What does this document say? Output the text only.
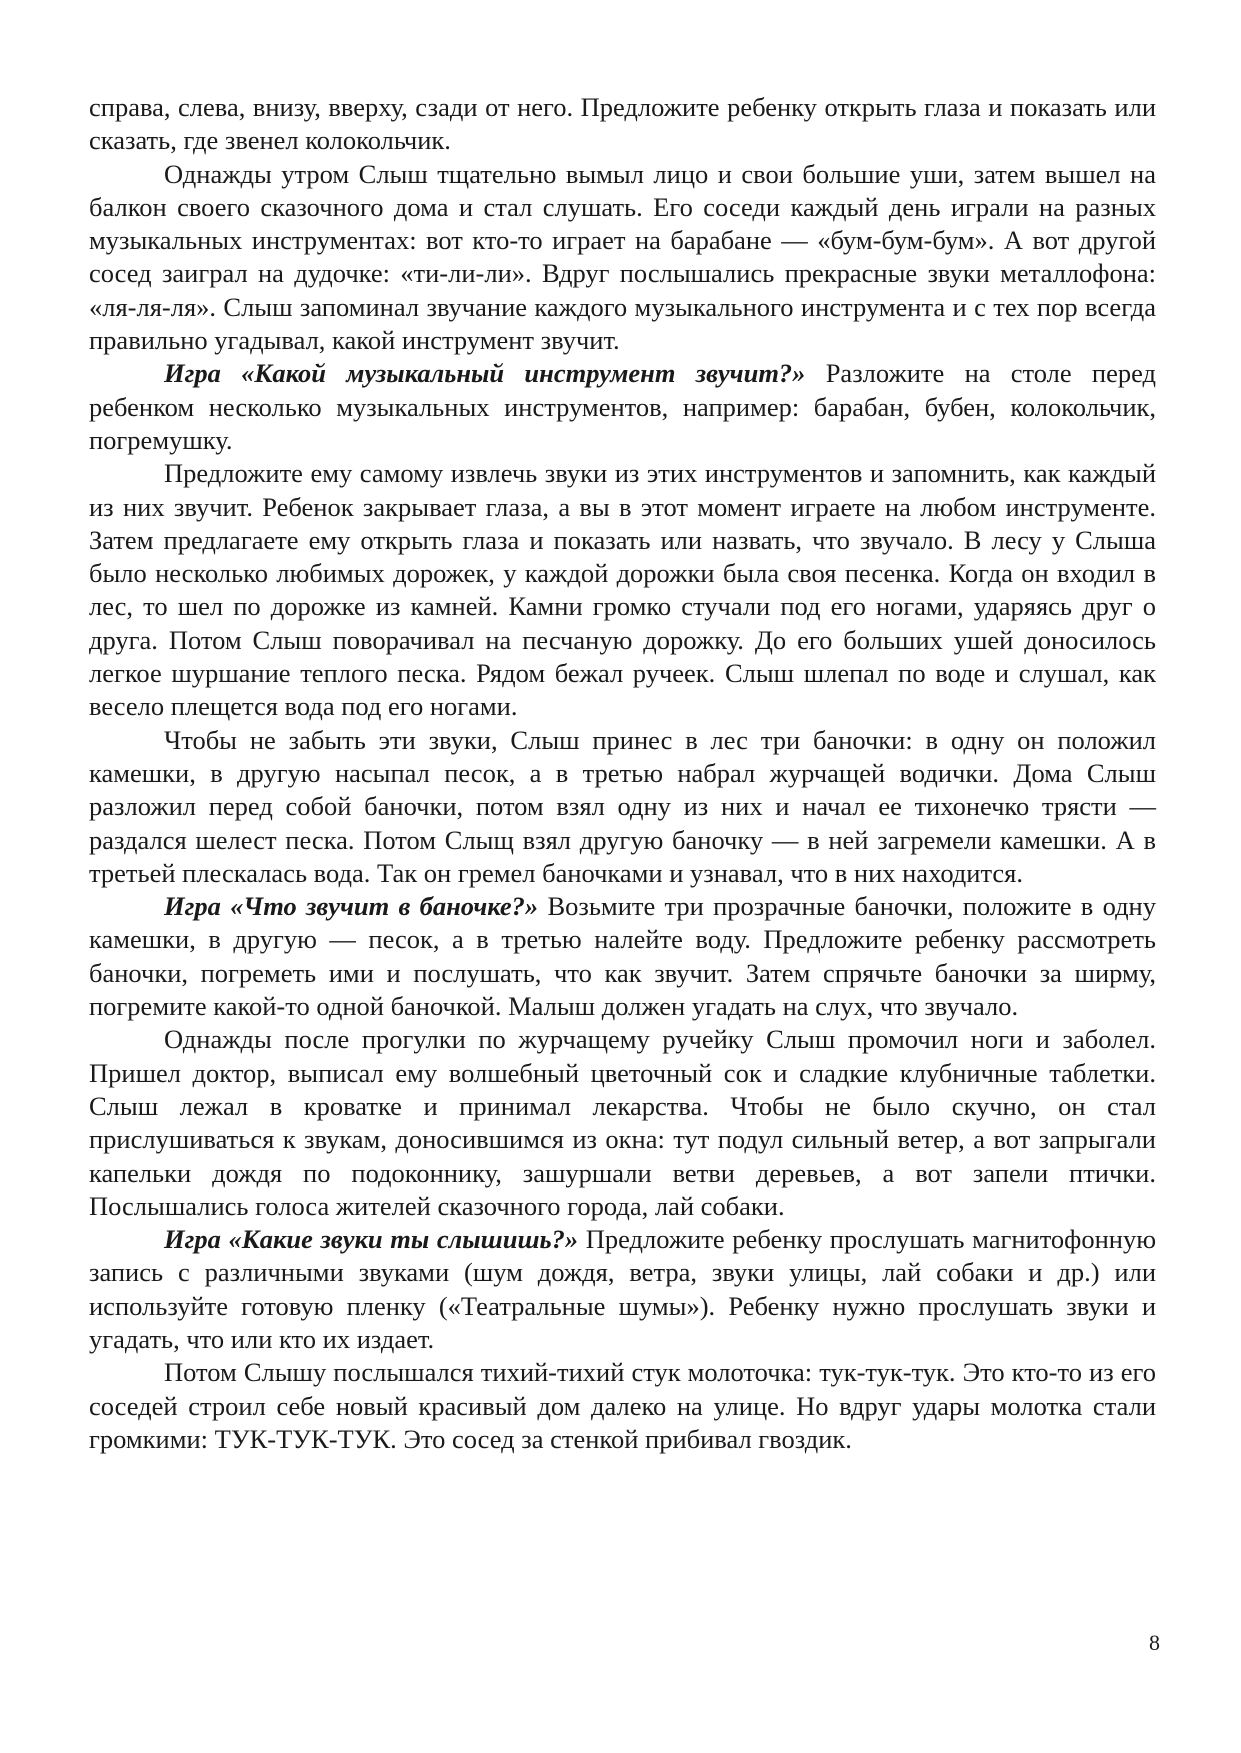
справа, слева, внизу, вверху, сзади от него. Предложите ребенку открыть глаза и показать или сказать, где звенел колокольчик.

Однажды утром Слыш тщательно вымыл лицо и свои большие уши, затем вышел на балкон своего сказочного дома и стал слушать. Его соседи каждый день играли на разных музыкальных инструментах: вот кто-то играет на барабане — «бум-бум-бум». А вот другой сосед заиграл на дудочке: «ти-ли-ли». Вдруг послышались прекрасные звуки металлофона: «ля-ля-ля». Слыш запоминал звучание каждого музыкального инструмента и с тех пор всегда правильно угадывал, какой инструмент звучит.

Игра «Какой музыкальный инструмент звучит?» Разложите на столе перед ребенком несколько музыкальных инструментов, например: барабан, бубен, колокольчик, погремушку.

Предложите ему самому извлечь звуки из этих инструментов и запомнить, как каждый из них звучит. Ребенок закрывает глаза, а вы в этот момент играете на любом инструменте. Затем предлагаете ему открыть глаза и показать или назвать, что звучало. В лесу у Слыша было несколько любимых дорожек, у каждой дорожки была своя песенка. Когда он входил в лес, то шел по дорожке из камней. Камни громко стучали под его ногами, ударяясь друг о друга. Потом Слыш поворачивал на песчаную дорожку. До его больших ушей доносилось легкое шуршание теплого песка. Рядом бежал ручеек. Слыш шлепал по воде и слушал, как весело плещется вода под его ногами.

Чтобы не забыть эти звуки, Слыш принес в лес три баночки: в одну он положил камешки, в другую насыпал песок, а в третью набрал журчащей водички. Дома Слыш разложил перед собой баночки, потом взял одну из них и начал ее тихонечко трясти — раздался шелест песка. Потом Слыщ взял другую баночку — в ней загремели камешки. А в третьей плескалась вода. Так он гремел баночками и узнавал, что в них находится.

Игра «Что звучит в баночке?» Возьмите три прозрачные баночки, положите в одну камешки, в другую — песок, а в третью налейте воду. Предложите ребенку рассмотреть баночки, погреметь ими и послушать, что как звучит. Затем спрячьте баночки за ширму, погремите какой-то одной баночкой. Малыш должен угадать на слух, что звучало.

Однажды после прогулки по журчащему ручейку Слыш промочил ноги и заболел. Пришел доктор, выписал ему волшебный цветочный сок и сладкие клубничные таблетки. Слыш лежал в кроватке и принимал лекарства. Чтобы не было скучно, он стал прислушиваться к звукам, доносившимся из окна: тут подул сильный ветер, а вот запрыгали капельки дождя по подоконнику, зашуршали ветви деревьев, а вот запели птички. Послышались голоса жителей сказочного города, лай собаки.

Игра «Какие звуки ты слышишь?» Предложите ребенку прослушать магнитофонную запись с различными звуками (шум дождя, ветра, звуки улицы, лай собаки и др.) или используйте готовую пленку («Театральные шумы»). Ребенку нужно прослушать звуки и угадать, что или кто их издает.

Потом Слышу послышался тихий-тихий стук молоточка: тук-тук-тук. Это кто-то из его соседей строил себе новый красивый дом далеко на улице. Но вдруг удары молотка стали громкими: ТУК-ТУК-ТУК. Это сосед за стенкой прибивал гвоздик.

8
